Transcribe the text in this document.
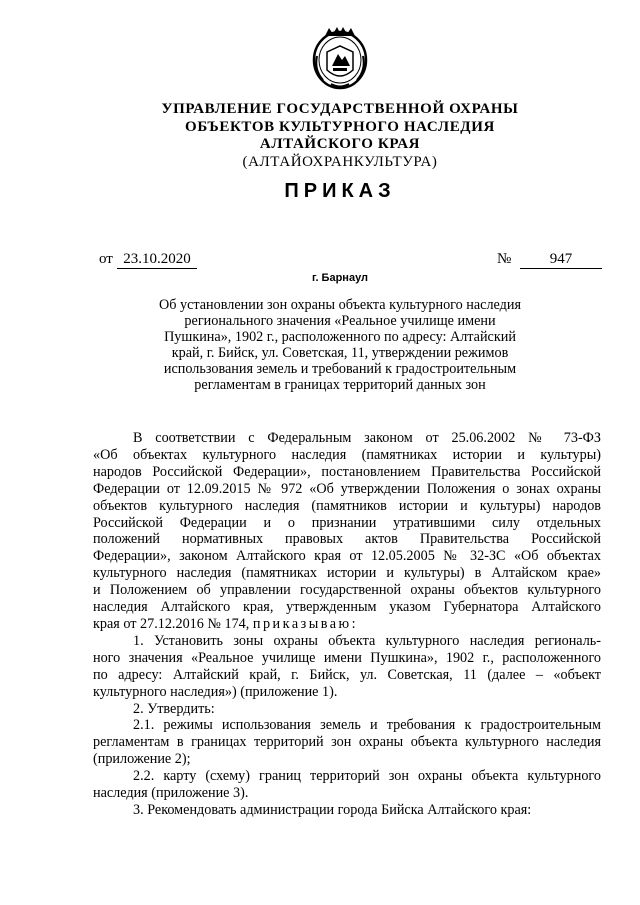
УПРАВЛЕНИЕ ГОСУДАРСТВЕННОЙ ОХРАНЫ
ОБЪЕКТОВ КУЛЬТУРНОГО НАСЛЕДИЯ
АЛТАЙСКОГО КРАЯ
(АЛТАЙОХРАНКУЛЬТУРА)
ПРИКАЗ
от 23.10.2020	№	947
г. Барнаул
Об установлении зон охраны объекта культурного наследия
регионального значения «Реальное училище имени
Пушкина», 1902 г., расположенного по адресу: Алтайский
край, г. Бийск, ул. Советская, 11, утверждении режимов
использования земель и требований к градостроительным
регламентам в границах территорий данных зон
В соответствии с Федеральным законом от 25.06.2002 № 73-ФЗ
«Об объектах культурного наследия (памятниках истории и культуры)
народов Российской Федерации», постановлением Правительства Российской
Федерации от 12.09.2015 № 972 «Об утверждении Положения о зонах охраны
объектов культурного наследия (памятников истории и культуры) народов
Российской Федерации и о признании утратившими силу отдельных
положений нормативных правовых актов Правительства Российской
Федерации», законом Алтайского края от 12.05.2005 № 32-ЗС «Об объектах
культурного наследия (памятниках истории и культуры) в Алтайском крае»
и Положением об управлении государственной охраны объектов культурного
наследия Алтайского края, утвержденным указом Губернатора Алтайского
края от 27.12.2016 № 174, приказываю:
1. Установить зоны охраны объекта культурного наследия региональ-
ного значения «Реальное училище имени Пушкина», 1902 г., расположенного
по адресу: Алтайский край, г. Бийск, ул. Советская, 11 (далее – «объект
культурного наследия») (приложение 1).
2. Утвердить:
2.1. режимы использования земель и требования к градостроительным
регламентам в границах территорий зон охраны объекта культурного наследия
(приложение 2);
2.2. карту (схему) границ территорий зон охраны объекта культурного
наследия (приложение 3).
3. Рекомендовать администрации города Бийска Алтайского края:
